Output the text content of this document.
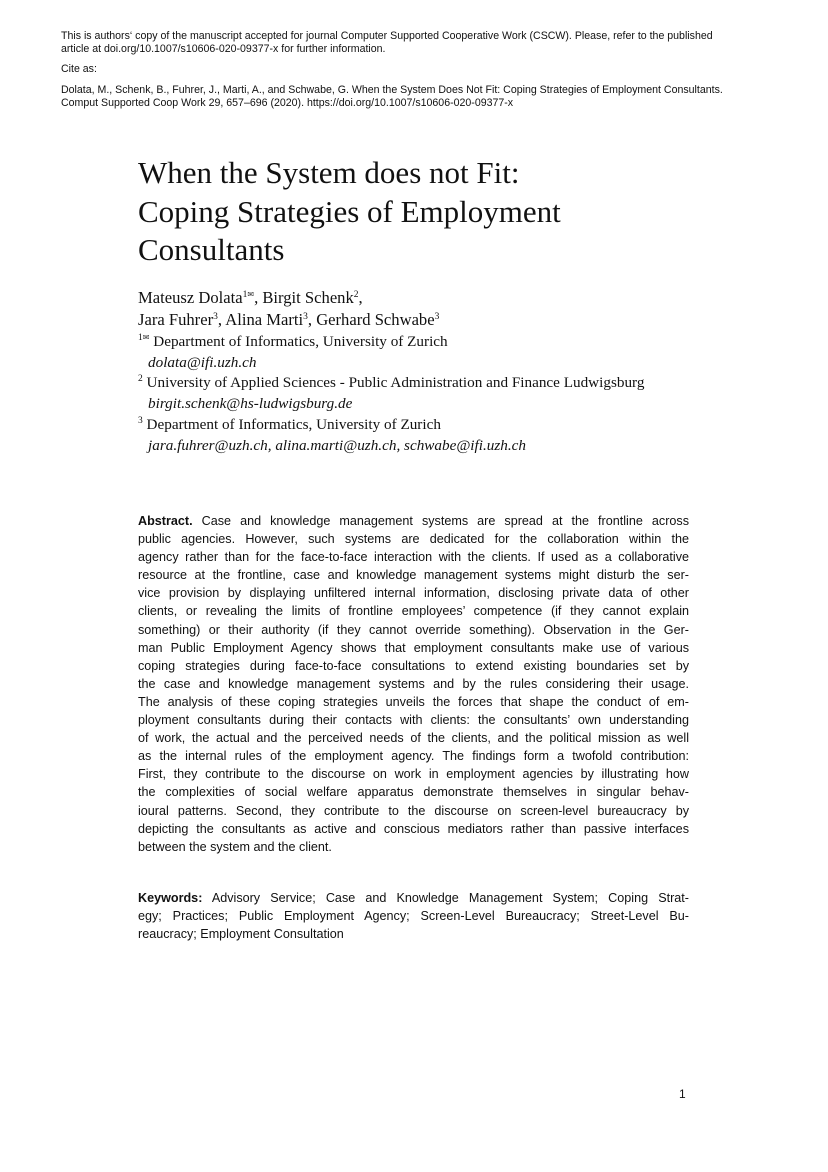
This is authors‘ copy of the manuscript accepted for journal Computer Supported Cooperative Work (CSCW). Please, refer to the published
article at doi.org/10.1007/s10606-020-09377-x for further information.
Cite as:
Dolata, M., Schenk, B., Fuhrer, J., Marti, A., and Schwabe, G. When the System Does Not Fit: Coping Strategies of Employment Consultants.
Comput Supported Coop Work 29, 657–696 (2020). https://doi.org/10.1007/s10606-020-09377-x
When the System does not Fit:
Coping Strategies of Employment
Consultants
Mateusz Dolata$^{1✉}$, Birgit Schenk$^2$,
Jara Fuhrer$^3$, Alina Marti$^3$, Gerhard Schwabe$^3$
$^{1✉}$ Department of Informatics, University of Zurich
dolata@ifi.uzh.ch
$^2$ University of Applied Sciences - Public Administration and Finance Ludwigsburg
birgit.schenk@hs-ludwigsburg.de
$^3$ Department of Informatics, University of Zurich
jara.fuhrer@uzh.ch, alina.marti@uzh.ch, schwabe@ifi.uzh.ch
Abstract. Case and knowledge management systems are spread at the frontline across
public agencies. However, such systems are dedicated for the collaboration within the
agency rather than for the face-to-face interaction with the clients. If used as a collaborative
resource at the frontline, case and knowledge management systems might disturb the ser-
vice provision by displaying unfiltered internal information, disclosing private data of other
clients, or revealing the limits of frontline employees’ competence (if they cannot explain
something) or their authority (if they cannot override something). Observation in the Ger-
man Public Employment Agency shows that employment consultants make use of various
coping strategies during face-to-face consultations to extend existing boundaries set by
the case and knowledge management systems and by the rules considering their usage.
The analysis of these coping strategies unveils the forces that shape the conduct of em-
ployment consultants during their contacts with clients: the consultants’ own understanding
of work, the actual and the perceived needs of the clients, and the political mission as well
as the internal rules of the employment agency. The findings form a twofold contribution:
First, they contribute to the discourse on work in employment agencies by illustrating how
the complexities of social welfare apparatus demonstrate themselves in singular behav-
ioural patterns. Second, they contribute to the discourse on screen-level bureaucracy by
depicting the consultants as active and conscious mediators rather than passive interfaces
between the system and the client.
Keywords: Advisory Service; Case and Knowledge Management System; Coping Strat-
egy; Practices; Public Employment Agency; Screen-Level Bureaucracy; Street-Level Bu-
reaucracy; Employment Consultation
1
